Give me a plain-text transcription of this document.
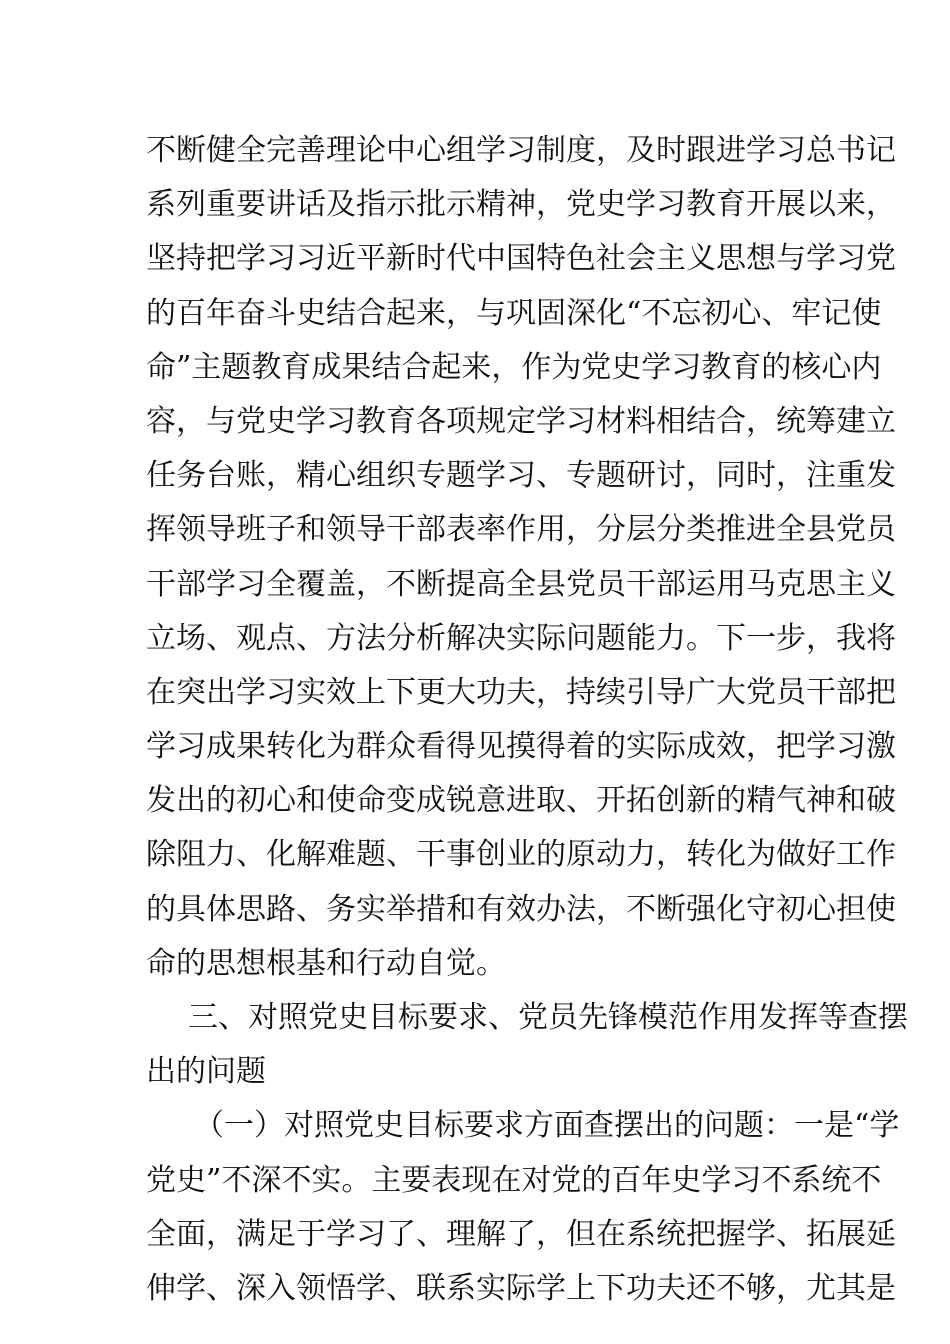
不断健全完善理论中心组学习制度，及时跟进学习总书记
系列重要讲话及指示批示精神，党史学习教育开展以来，
坚持把学习习近平新时代中国特色社会主义思想与学习党
的百年奋斗史结合起来，与巩固深化“不忘初心、牢记使
命”主题教育成果结合起来，作为党史学习教育的核心内
容，与党史学习教育各项规定学习材料相结合，统筹建立
任务台账，精心组织专题学习、专题研讨，同时，注重发
挥领导班子和领导干部表率作用，分层分类推进全县党员
干部学习全覆盖，不断提高全县党员干部运用马克思主义
立场、观点、方法分析解决实际问题能力。下一步，我将
在突出学习实效上下更大功夫，持续引导广大党员干部把
学习成果转化为群众看得见摸得着的实际成效，把学习激
发出的初心和使命变成锐意进取、开拓创新的精气神和破
除阻力、化解难题、干事创业的原动力，转化为做好工作
的具体思路、务实举措和有效办法，不断强化守初心担使
命的思想根基和行动自觉。
三、对照党史目标要求、党员先锋模范作用发挥等查摆
出的问题
（一）对照党史目标要求方面查摆出的问题：一是“学
党史”不深不实。主要表现在对党的百年史学习不系统不
全面，满足于学习了、理解了，但在系统把握学、拓展延
伸学、深入领悟学、联系实际学上下功夫还不够，尤其是
